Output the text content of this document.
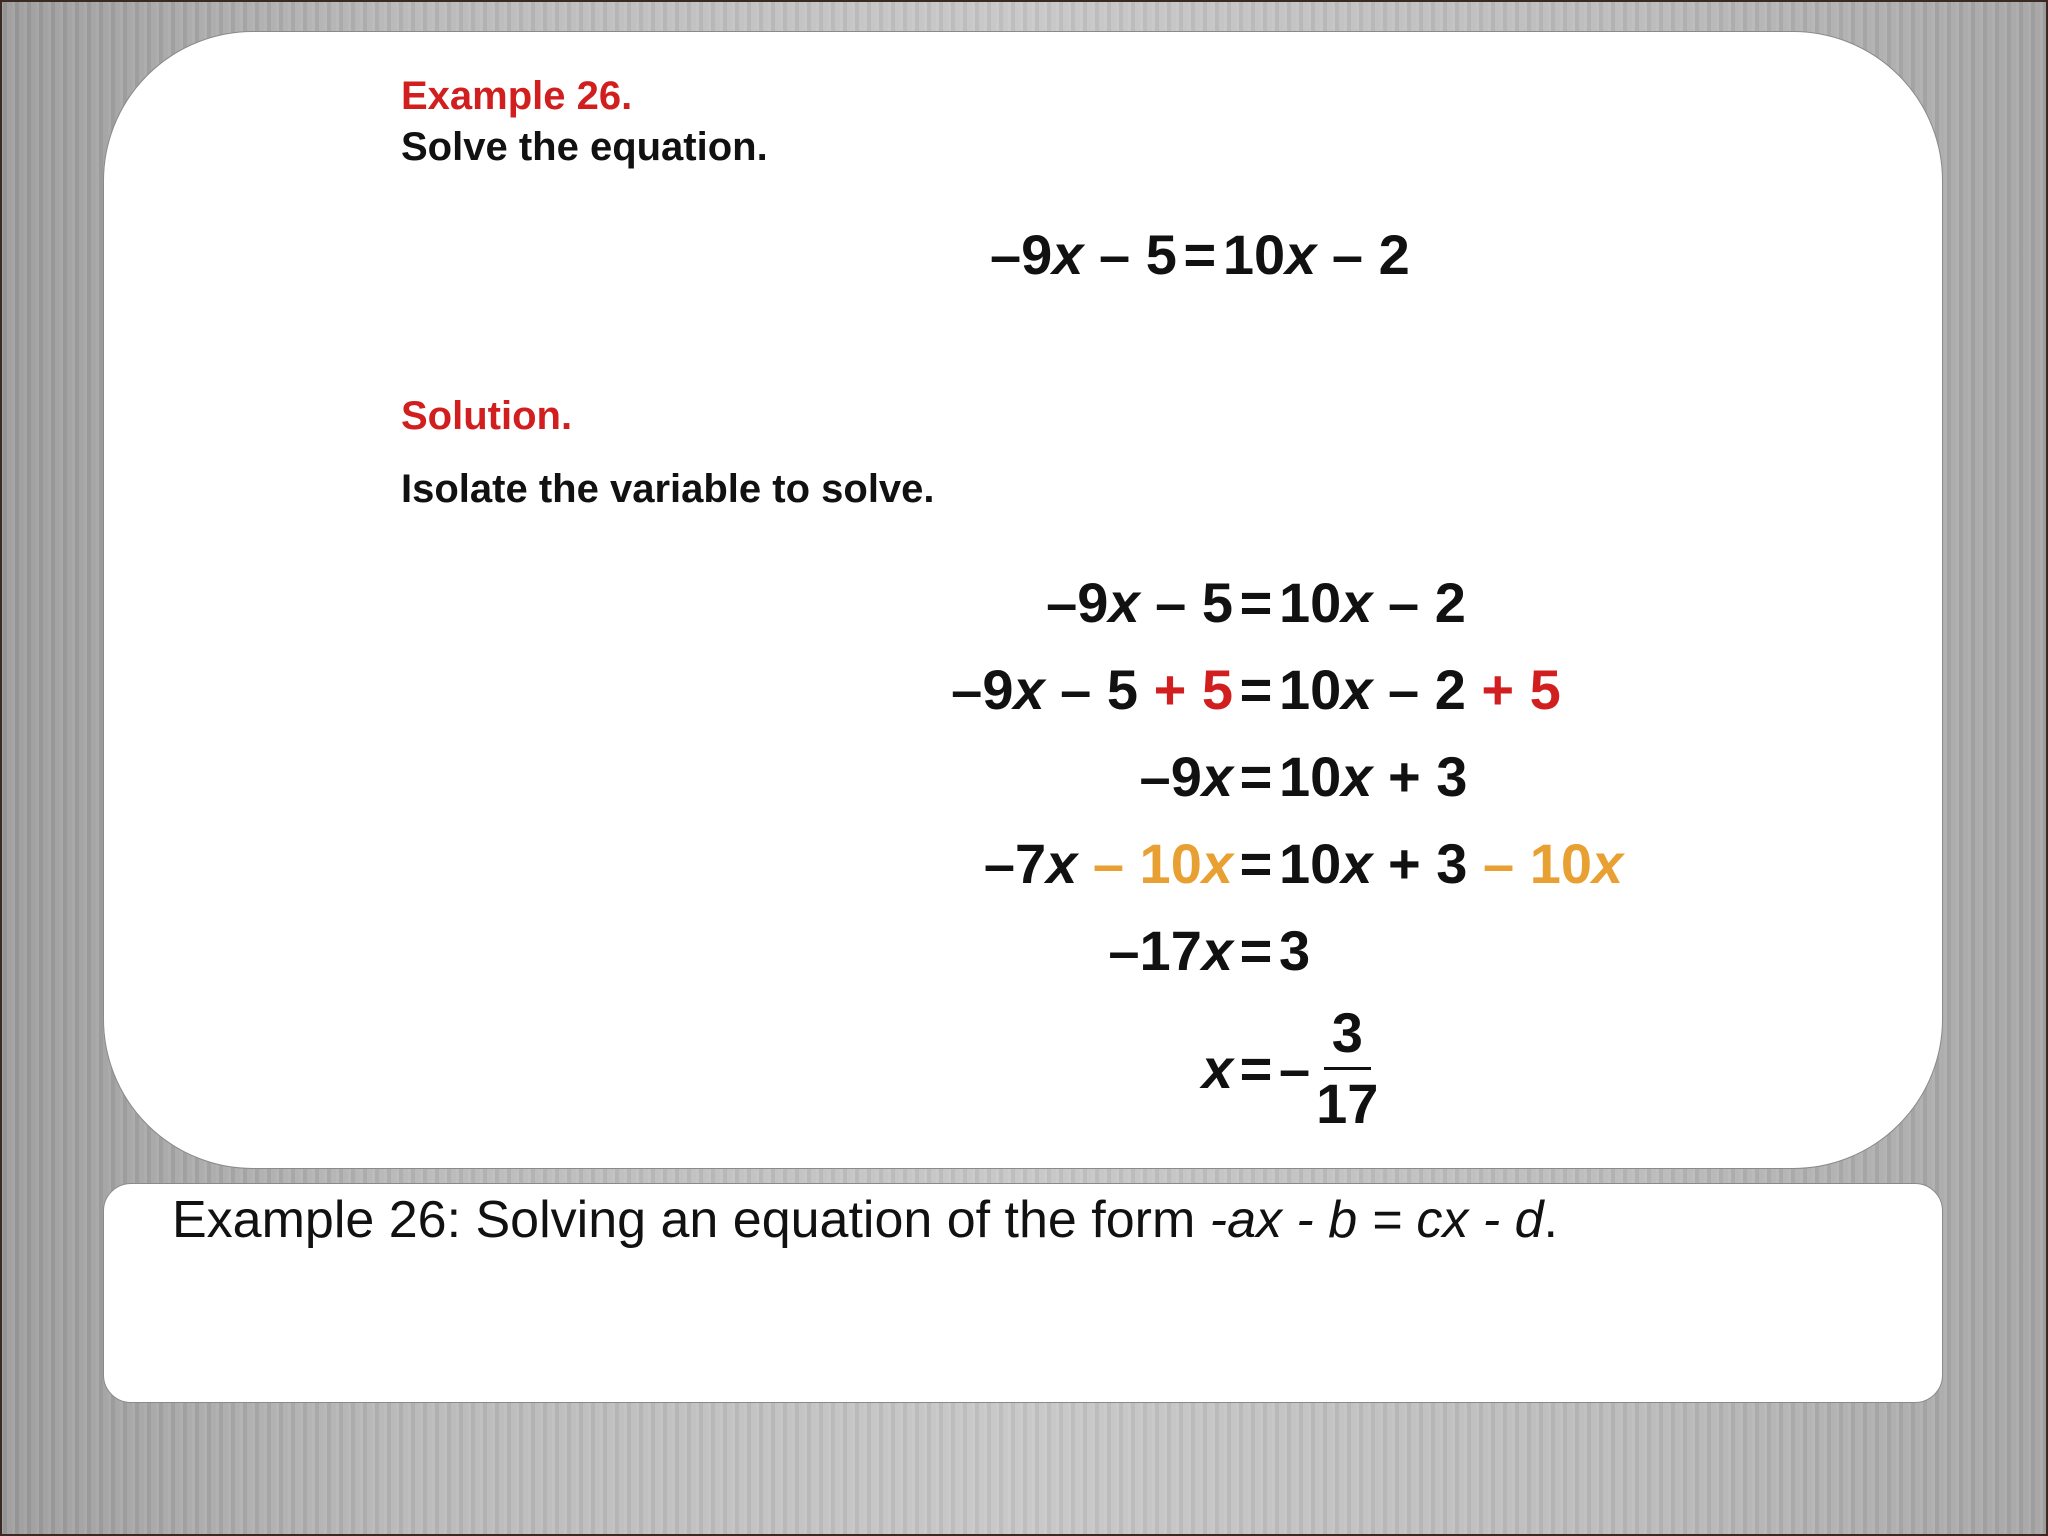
Example 26.
Solve the equation.
–9x – 5 = 10x – 2
Solution.
Isolate the variable to solve.
–9x – 5 = 10x – 2
–9x – 5 + 5 = 10x – 2 + 5
–9x = 10x + 3
–7x – 10x = 10x + 3 – 10x
–17x = 3
x = – $\frac{3}{17}$
Example 26: Solving an equation of the form -ax - b = cx - d.
